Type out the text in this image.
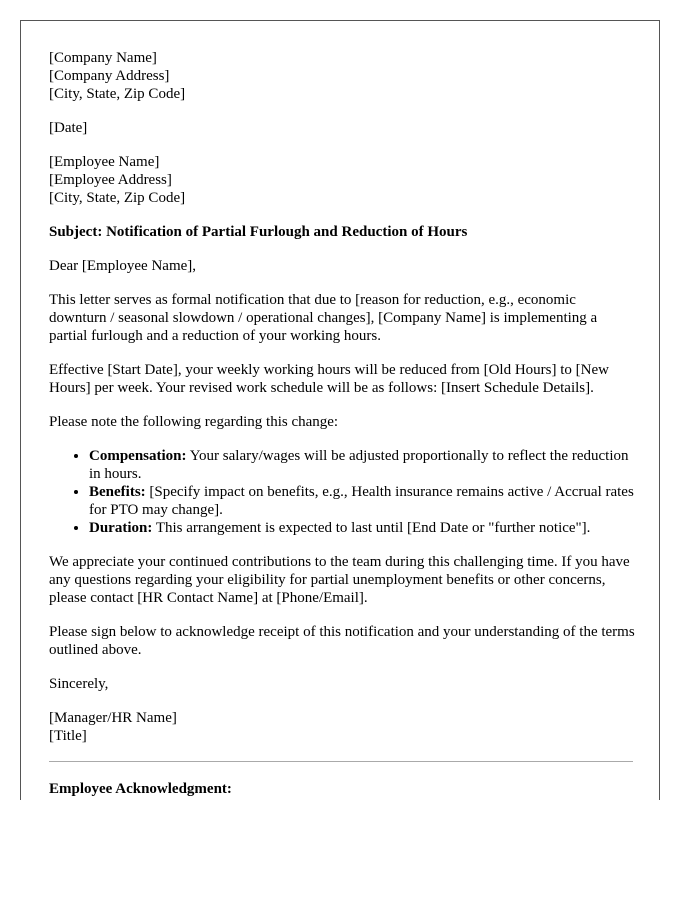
[Company Name]
[Company Address]
[City, State, Zip Code]
[Date]
[Employee Name]
[Employee Address]
[City, State, Zip Code]
Subject: Notification of Partial Furlough and Reduction of Hours

Dear [Employee Name],

This letter serves as formal notification that due to [reason for reduction, e.g., economic downturn / seasonal slowdown / operational changes], [Company Name] is implementing a partial furlough and a reduction of your working hours.

Effective [Start Date], your weekly working hours will be reduced from [Old Hours] to [New Hours] per week. Your revised work schedule will be as follows: [Insert Schedule Details].

Please note the following regarding this change:

• Compensation: Your salary/wages will be adjusted proportionally to reflect the reduction in hours.
• Benefits: [Specify impact on benefits, e.g., Health insurance remains active / Accrual rates for PTO may change].
• Duration: This arrangement is expected to last until [End Date or "further notice"].

We appreciate your continued contributions to the team during this challenging time. If you have any questions regarding your eligibility for partial unemployment benefits or other concerns, please contact [HR Contact Name] at [Phone/Email].

Please sign below to acknowledge receipt of this notification and your understanding of the terms outlined above.

Sincerely,

[Manager/HR Name]
[Title]
Employee Acknowledgment:
